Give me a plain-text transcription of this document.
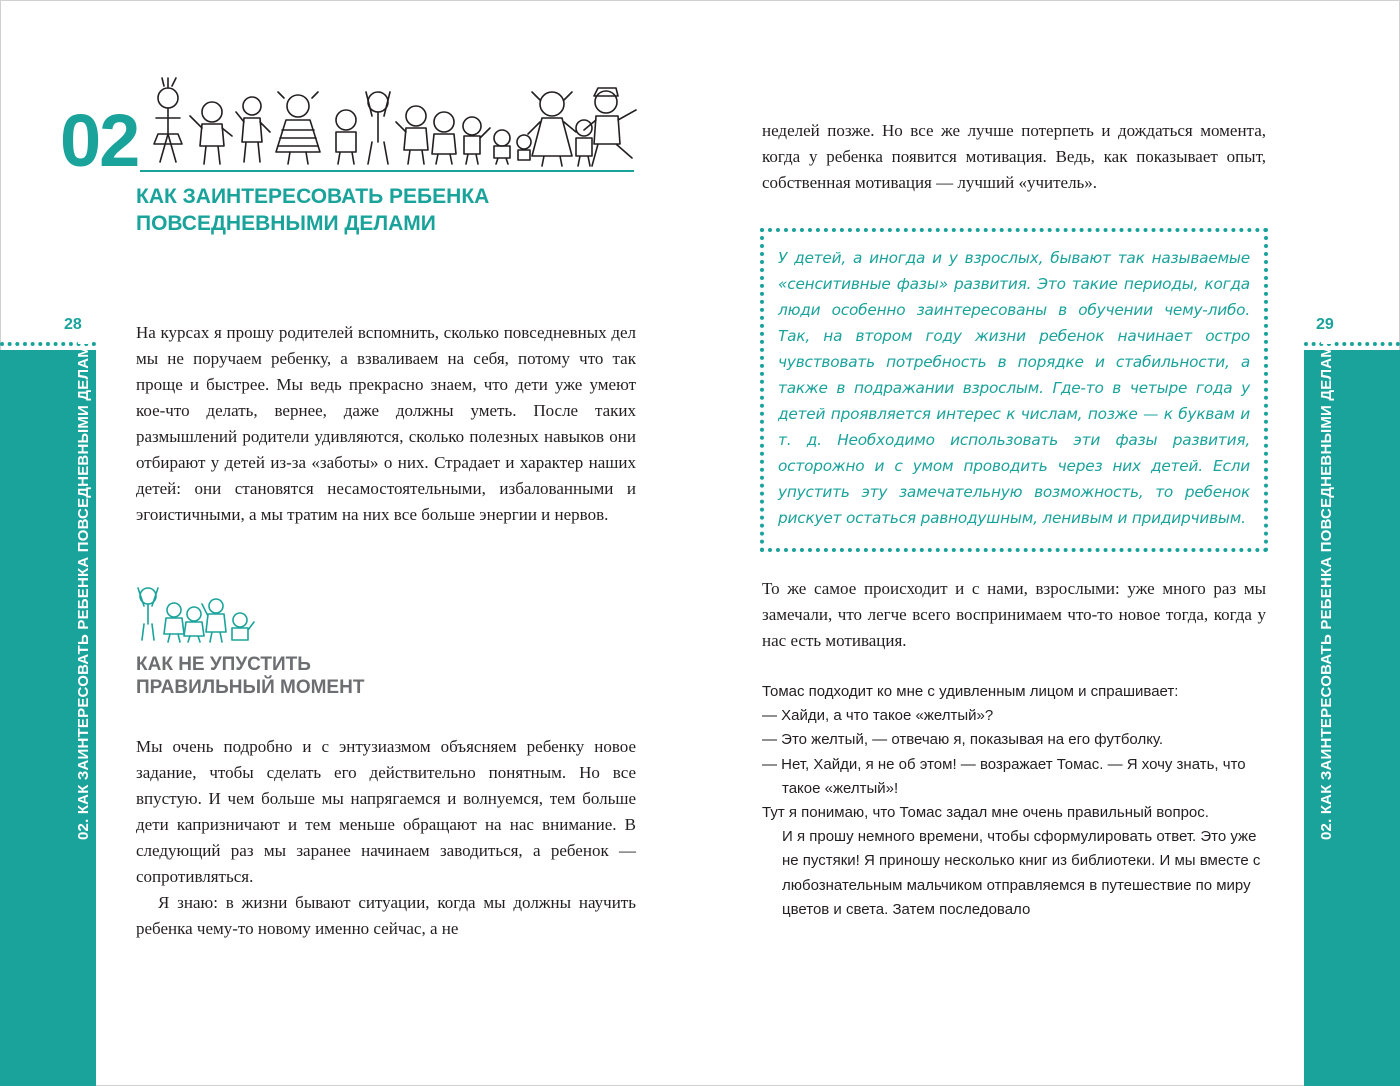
28
02. КАК ЗАИНТЕРЕСОВАТЬ РЕБЕНКА ПОВСЕДНЕВНЫМИ ДЕЛАМИ
29
02. КАК ЗАИНТЕРЕСОВАТЬ РЕБЕНКА ПОВСЕДНЕВНЫМИ ДЕЛАМИ
02
КАК ЗАИНТЕРЕСОВАТЬ РЕБЕНКА
ПОВСЕДНЕВНЫМИ ДЕЛАМИ

На курсах я прошу родителей вспомнить, сколько повседневных дел мы не поручаем ребенку, а взваливаем на себя, потому что так проще и быстрее. Мы ведь прекрасно знаем, что дети уже умеют кое-что делать, вернее, даже должны уметь. После таких размышлений родители удивляются, сколько полезных навыков они отбирают у детей из-за «заботы» о них. Страдает и характер наших детей: они становятся несамостоятельными, избалованными и эгоистичными, а мы тратим на них все больше энергии и нервов.

КАК НЕ УПУСТИТЬ
ПРАВИЛЬНЫЙ МОМЕНТ

Мы очень подробно и с энтузиазмом объясняем ребенку новое задание, чтобы сделать его действительно понятным. Но все впустую. И чем больше мы напрягаемся и волнуемся, тем больше дети капризничают и тем меньше обращают на нас внимание. В следующий раз мы заранее начинаем заводиться, а ребенок — сопротивляться.

Я знаю: в жизни бывают ситуации, когда мы должны научить ребенка чему-то новому именно сейчас, а не

неделей позже. Но все же лучше потерпеть и дождаться момента, когда у ребенка появится мотивация. Ведь, как показывает опыт, собственная мотивация — лучший «учитель».

У детей, а иногда и у взрослых, бывают так называемые «сенситивные фазы» развития. Это такие периоды, когда люди особенно заинтересованы в обучении чему-либо. Так, на втором году жизни ребенок начинает остро чувствовать потребность в порядке и стабильности, а также в подражании взрослым. Где-то в четыре года у детей проявляется интерес к числам, позже — к буквам и т. д. Необходимо использовать эти фазы развития, осторожно и с умом проводить через них детей. Если упустить эту замечательную возможность, то ребенок рискует остаться равнодушным, ленивым и придирчивым.

То же самое происходит и с нами, взрослыми: уже много раз мы замечали, что легче всего воспринимаем что-то новое тогда, когда у нас есть мотивация.

Томас подходит ко мне с удивленным лицом и спрашивает:

— Хайди, а что такое «желтый»?

— Это желтый, — отвечаю я, показывая на его футболку.

— Нет, Хайди, я не об этом! — возражает Томас. — Я хочу знать, что такое «желтый»!

Тут я понимаю, что Томас задал мне очень правильный вопрос.

И я прошу немного времени, чтобы сформулировать ответ. Это уже не пустяки! Я приношу несколько книг из библиотеки. И мы вместе с любознательным мальчиком отправляемся в путешествие по миру цветов и света. Затем последовало
